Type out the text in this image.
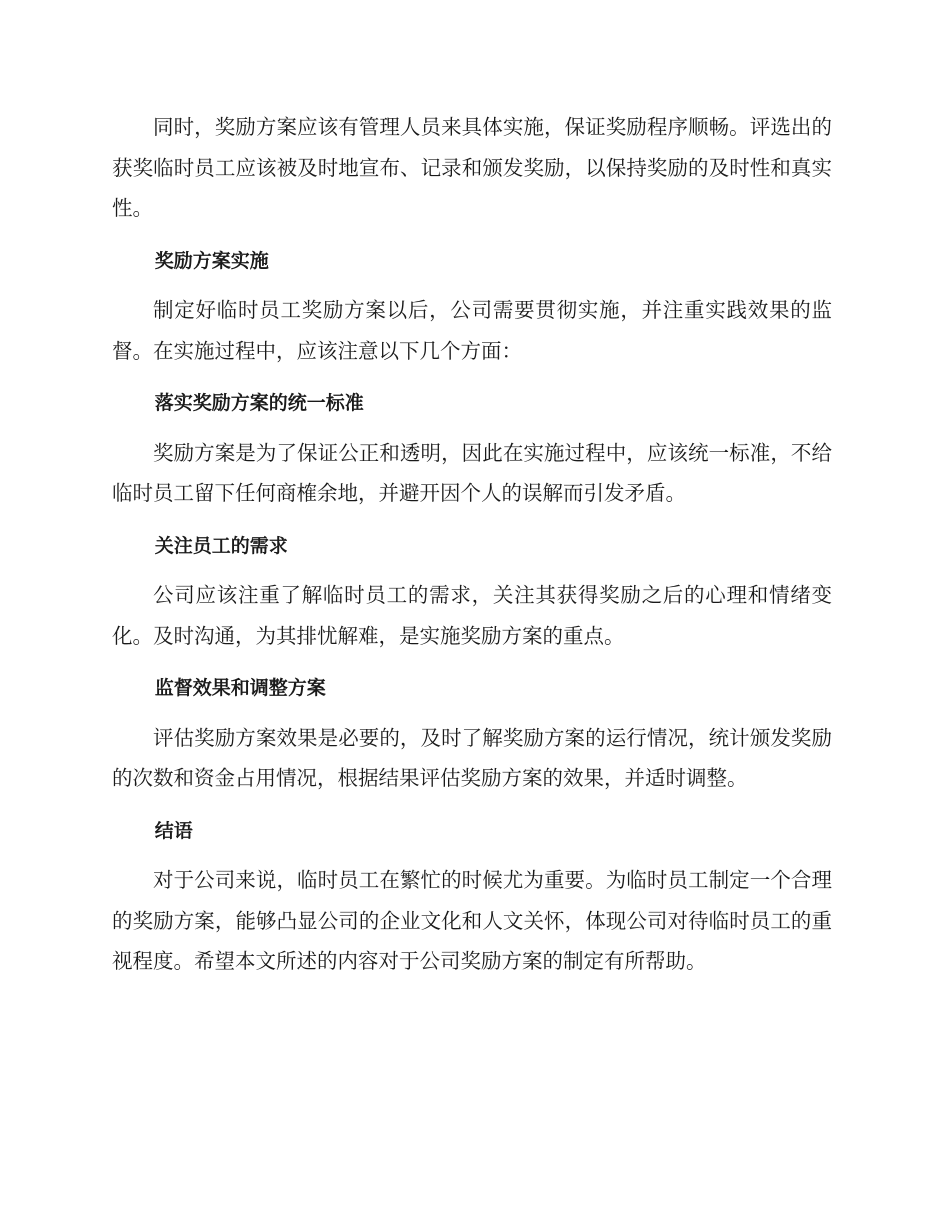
同时，奖励方案应该有管理人员来具体实施，保证奖励程序顺畅。评选出的获奖临时员工应该被及时地宣布、记录和颁发奖励，以保持奖励的及时性和真实性。

奖励方案实施

制定好临时员工奖励方案以后，公司需要贯彻实施，并注重实践效果的监督。在实施过程中，应该注意以下几个方面：

落实奖励方案的统一标准

奖励方案是为了保证公正和透明，因此在实施过程中，应该统一标准，不给临时员工留下任何商榷余地，并避开因个人的误解而引发矛盾。

关注员工的需求

公司应该注重了解临时员工的需求，关注其获得奖励之后的心理和情绪变化。及时沟通，为其排忧解难，是实施奖励方案的重点。

监督效果和调整方案

评估奖励方案效果是必要的，及时了解奖励方案的运行情况，统计颁发奖励的次数和资金占用情况，根据结果评估奖励方案的效果，并适时调整。

结语

对于公司来说，临时员工在繁忙的时候尤为重要。为临时员工制定一个合理的奖励方案，能够凸显公司的企业文化和人文关怀，体现公司对待临时员工的重视程度。希望本文所述的内容对于公司奖励方案的制定有所帮助。
